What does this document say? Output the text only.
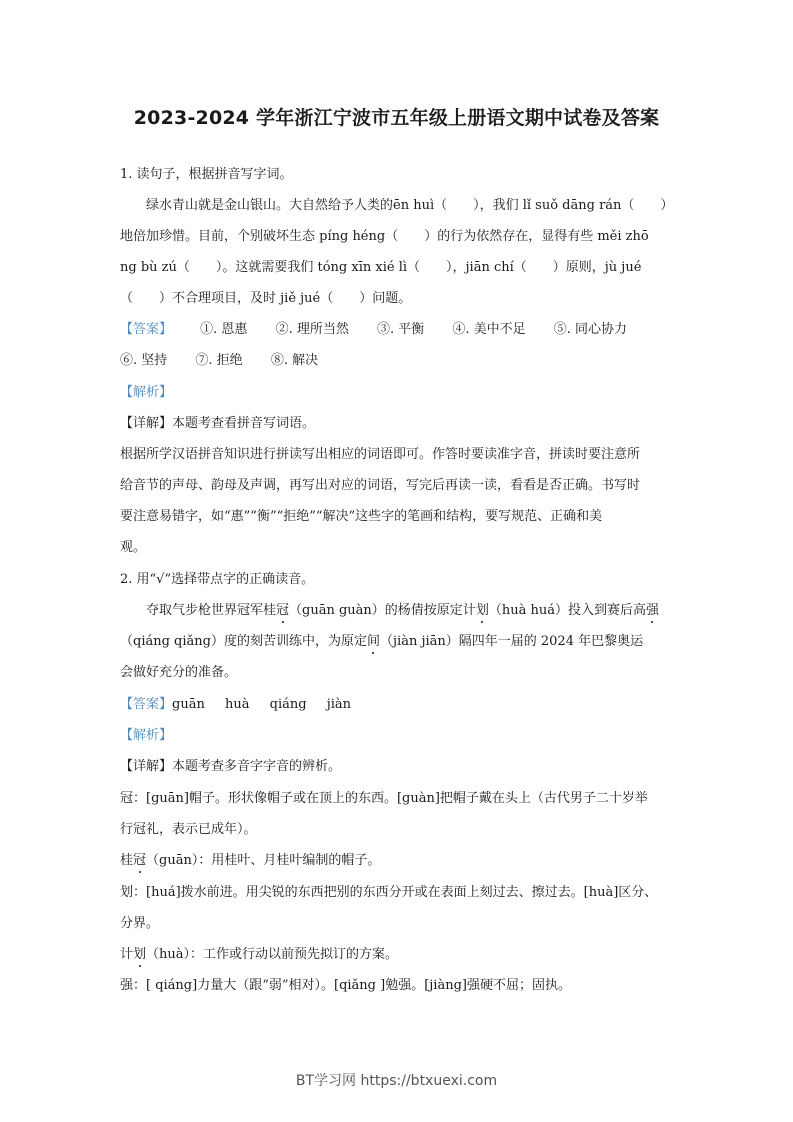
2023-2024 学年浙江宁波市五年级上册语文期中试卷及答案
1. 读句子，根据拼音写字词。
绿水青山就是金山银山。大自然给予人类的ēn huì（　　），我们 lǐ suǒ dāng rán（　　）
地倍加珍惜。目前，个别破坏生态 píng héng（　　）的行为依然存在，显得有些 měi zhō
ng bù zú（　　）。这就需要我们 tóng xīn xié lì（　　），jiān chí（　　）原则，jù jué
（　　）不合理项目，及时 jiě jué（　　）问题。
【答案】 ①. 恩惠 ②. 理所当然 ③. 平衡 ④. 美中不足 ⑤. 同心协力
⑥. 坚持 ⑦. 拒绝 ⑧. 解决
【解析】
【详解】本题考查看拼音写词语。
根据所学汉语拼音知识进行拼读写出相应的词语即可。作答时要读准字音，拼读时要注意所
给音节的声母、韵母及声调，再写出对应的词语，写完后再读一读，看看是否正确。书写时
要注意易错字，如“惠”“衡”“拒绝”“解决”这些字的笔画和结构，要写规范、正确和美
观。
2. 用“√”选择带点字的正确读音。
夺取气步枪世界冠军桂冠（guān guàn）的杨倩按原定计划（huà huá）投入到赛后高强
（qiáng qiǎng）度的刻苦训练中，为原定间（jiàn jiān）隔四年一届的 2024 年巴黎奥运
会做好充分的准备。
【答案】guān huà qiáng jiàn
【解析】
【详解】本题考查多音字字音的辨析。
冠：[guān]帽子。形状像帽子或在顶上的东西。[guàn]把帽子戴在头上（古代男子二十岁举
行冠礼，表示已成年）。
桂冠（guān）：用桂叶、月桂叶编制的帽子。
划：[huá]拨水前进。用尖锐的东西把别的东西分开或在表面上刻过去、擦过去。[huà]区分、
分界。
计划（huà）：工作或行动以前预先拟订的方案。
强：[ qiáng]力量大（跟“弱”相对）。[qiǎng ]勉强。[jiàng]强硬不屈；固执。
BT学习网 https://btxuexi.com
